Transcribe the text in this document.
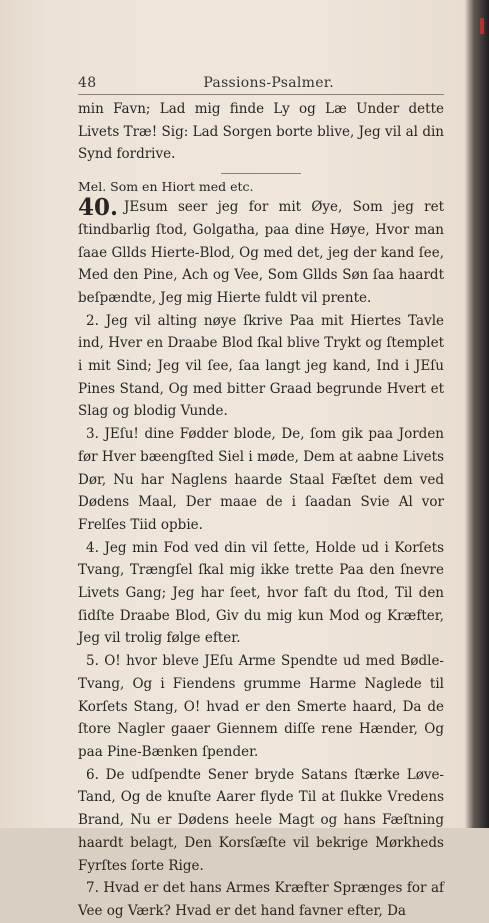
48	Passions-Psalmer.

min Favn; Lad mig finde Ly og Læ Under dette Livets Træ! Sig: Lad Sorgen borte blive, Jeg vil al din Synd fordrive.

Mel. Som en Hiort med etc.

40. JEsum seer jeg for mit Øye, Som jeg ret ſtindbarlig ſtod, Golgatha, paa dine Høye, Hvor man ſaae Gllds Hierte-Blod, Og med det, jeg der kand ſee, Med den Pine, Ach og Vee, Som Gllds Søn ſaa haardt beſpændte, Jeg mig Hierte fuldt vil prente.

2. Jeg vil alting nøye ſkrive Paa mit Hiertes Tavle ind, Hver en Draabe Blod ſkal blive Trykt og ſtemplet i mit Sind; Jeg vil ſee, ſaa langt jeg kand, Ind i JEſu Pines Stand, Og med bitter Graad begrunde Hvert et Slag og blodig Vunde.

3. JEſu! dine Fødder blode, De, ſom gik paa Jorden før Hver bæengſted Siel i møde, Dem at aabne Livets Dør, Nu har Naglens haarde Staal Fæſtet dem ved Dødens Maal, Der maae de i ſaadan Svie Al vor Frelſes Tiid opbie.

4. Jeg min Fod ved din vil ſette, Holde ud i Korſets Tvang, Trængſel ſkal mig ikke trette Paa den ſnevre Livets Gang; Jeg har ſeet, hvor faſt du ſtod, Til den ſidſte Draabe Blod, Giv du mig kun Mod og Kræfter, Jeg vil trolig følge efter.

5. O! hvor bleve JEſu Arme Spendte ud med Bødle-Tvang, Og i Fiendens grumme Harme Naglede til Korſets Stang, O! hvad er den Smerte haard, Da de ſtore Nagler gaaer Giennem diſſe rene Hænder, Og paa Pine-Bænken ſpender.

6. De udſpendte Sener bryde Satans ſtærke Løve-Tand, Og de knuſte Aarer flyde Til at ſlukke Vredens Brand, Nu er Dødens heele Magt og hans Fæſtning haardt belagt, Den Korsſæſte vil bekrige Mørkheds Fyrſtes ſorte Rige.

7. Hvad er det hans Armes Kræfter Sprænges for af Vee og Værk? Hvad er det hand favner efter, Da
